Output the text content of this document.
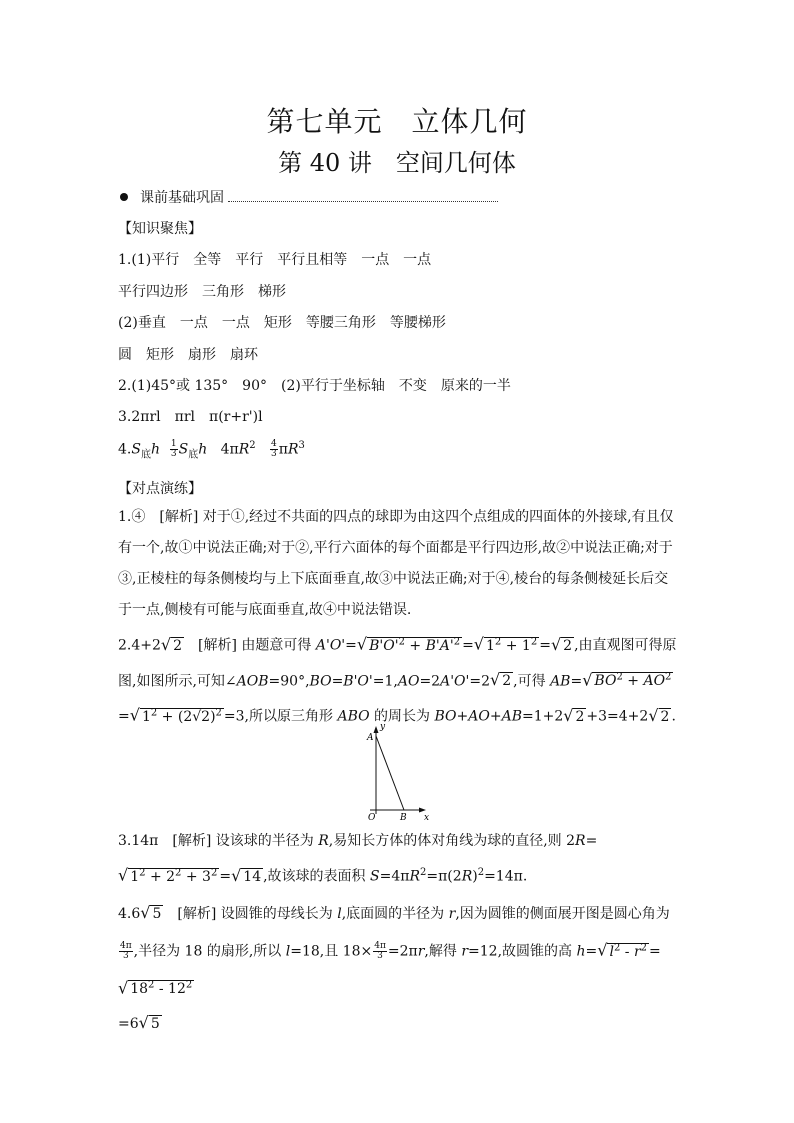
第七单元　立体几何
第 40 讲　空间几何体
课前基础巩固
【知识聚焦】
1.(1)平行　全等　平行　平行且相等　一点　一点
平行四边形　三角形　梯形
(2)垂直　一点　一点　矩形　等腰三角形　等腰梯形
圆　矩形　扇形　扇环
2.(1)45°或 135°　90°　(2)平行于坐标轴　不变　原来的一半
3.2πrl　πrl　π(r+r')l
$4.S_底h \frac{1}{3} S_底h$   $4\pi R^2 \frac{4}{3} \pi R^3$
【对点演练】
1.④　[解析] 对于①,经过不共面的四点的球即为由这四个点组成的四面体的外接球,有且仅有一个,故①中说法正确;对于②,平行六面体的每个面都是平行四边形,故②中说法正确;对于③,正棱柱的每条侧棱均与上下底面垂直,故③中说法正确;对于④,棱台的每条侧棱延长后交于一点,侧棱有可能与底面垂直,故④中说法错误.
2.4+2√ 2　[解析] 由题意可得 A'O'=√ $B'O'^2 + B'A'^2$ =√ $1^2 + 1^2$ =√ 2 ,由直观图可得原图,如图所示,可知∠AOB=90°,BO=B'O'=1,AO=2A'O'=2√ 2 ,可得 AB=√ $BO^2 + AO^2=√$ $1^2 + (2√2)^2 =3$,所以原三角形 ABO 的周长为 BO+AO+AB=1+2√ 2 +3=4+2√ 2 .
y
A
O	B x
3.14π　[解析] 设该球的半径为 R,易知长方体的体对角线为球的直径,则 2R=√ $1^2 + 2^2 + 3^2$ =√ 14 ,故该球的表面积 $S=4\pi R^2=\pi(2R)^2=14\pi$.
4.6√ 5　[解析] 设圆锥的母线长为 l,底面圆的半径为 r,因为圆锥的侧面展开图是圆心角为
$\frac{4\pi}{3}$ ,半径为 18 的扇形,所以 l=18,且 $18\times \frac{4\pi}{3} =2\pi r$,解得 r=12,故圆锥的高 h=√ $l^2 - r^2$ =√ $18^2 - 12^2$
=6√ 5
